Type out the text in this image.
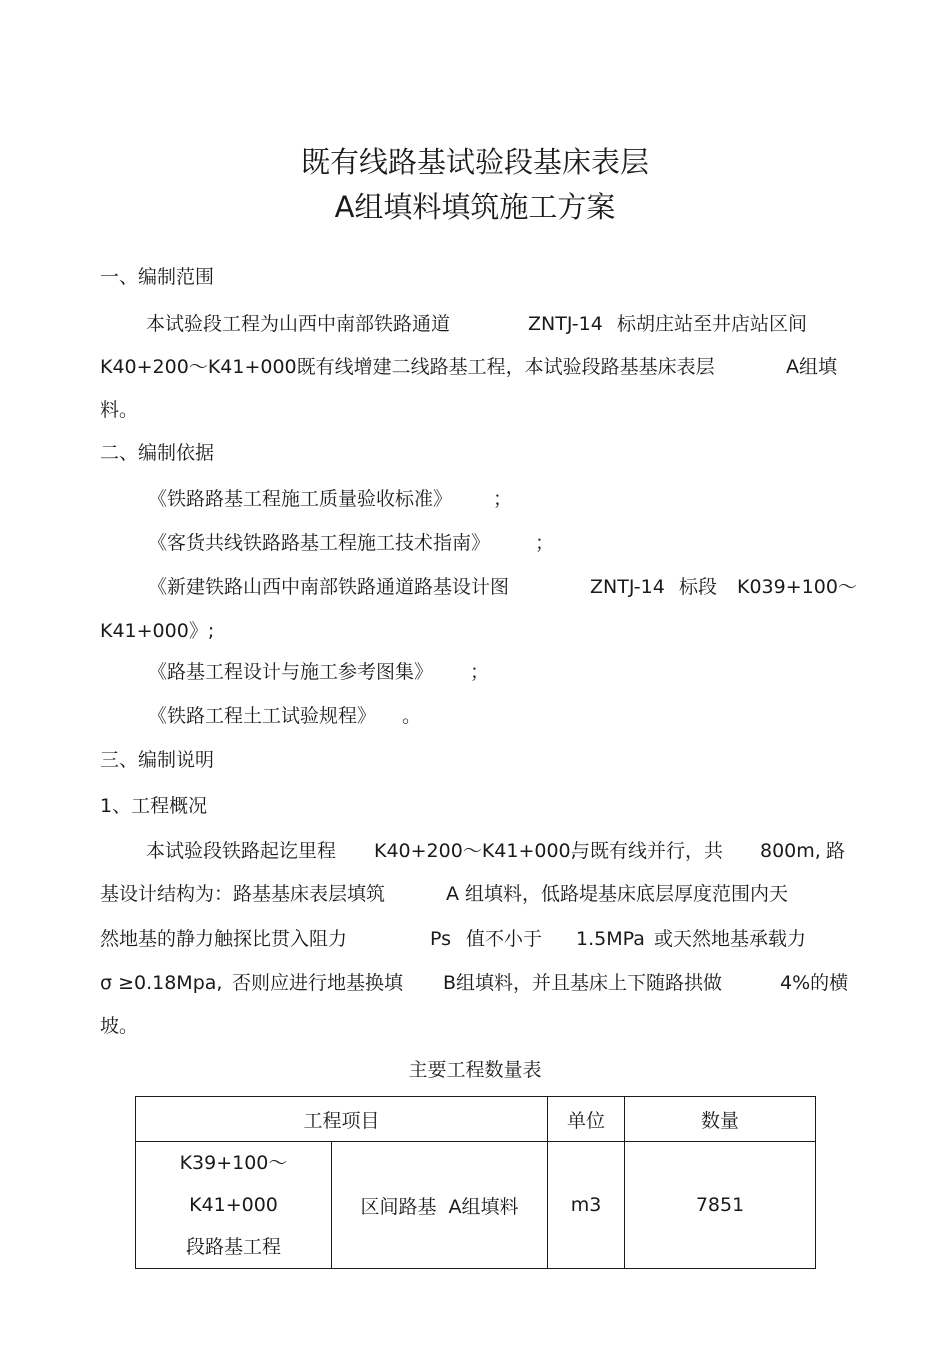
既有线路基试验段基床表层
A组填料填筑施工方案
一、编制范围
本试验段工程为山西中南部铁路通道	ZNTJ-14 标胡庄站至井店站区间
K40+200～K41+000既有线增建二线路基工程，本试验段路基基床表层	A组填
料。
二、编制依据
《铁路路基工程施工质量验收标准》 ；
《客货共线铁路路基工程施工技术指南》 ；
《新建铁路山西中南部铁路通道路基设计图	ZNTJ-14 标段 K039+100～
K41+000》;
《路基工程设计与施工参考图集》 ；
《铁路工程土工试验规程》 。
三、编制说明
1、工程概况
本试验段铁路起讫里程 K40+200～K41+000,
与既有线并行，共 800m, 路
基设计结构为：路基基床表层填筑	A 组填料，低路堤基床底层厚度范围内天
然地基的静力触探比贯入阻力	Ps 值不小于 1.5MPa 或天然地基承载力
σ ≥0.18Mpa, 否则应进行地基换填 B组填料，并且基床上下随路拱做	4%的横
坡。
主要工程数量表
工程项目		单位	数量

K39+100～K41+000
段路基工程	区间路基  A组填料	m3	7851
